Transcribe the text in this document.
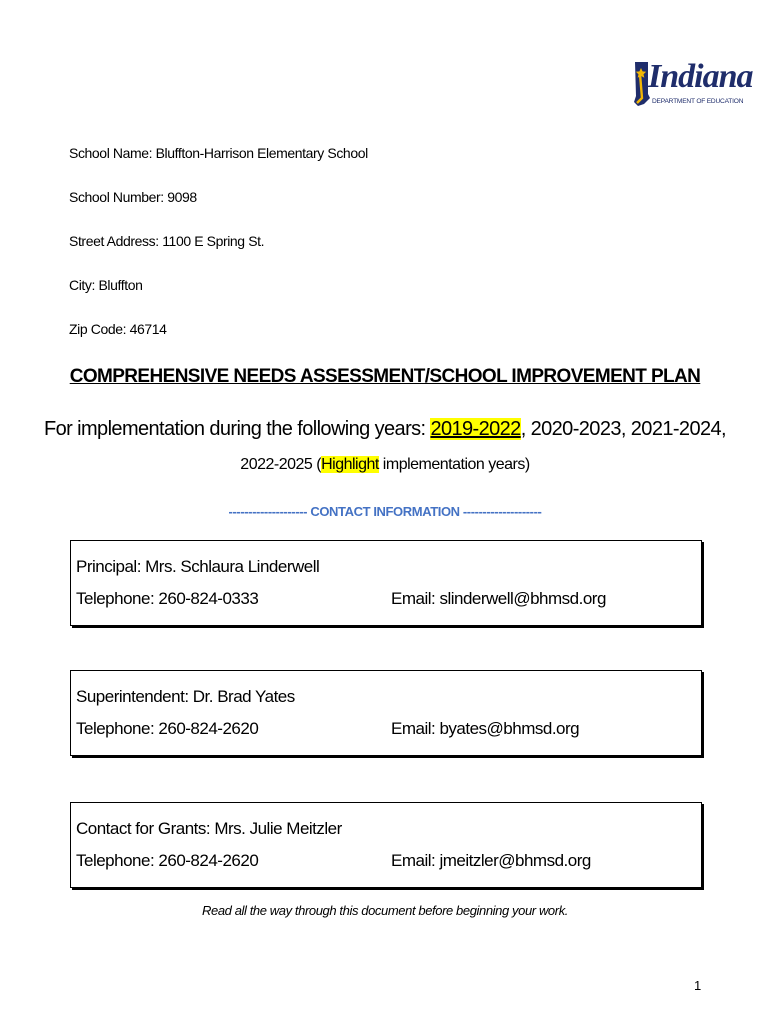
Indiana
DEPARTMENT OF EDUCATION
School Name: Bluffton-Harrison Elementary School
School Number: 9098
Street Address: 1100 E Spring St.
City: Bluffton
Zip Code: 46714
COMPREHENSIVE NEEDS ASSESSMENT/SCHOOL IMPROVEMENT PLAN
For implementation during the following years: 2019-2022, 2020-2023, 2021-2024,
2022-2025 (Highlight implementation years)
-------------------- CONTACT INFORMATION --------------------
Principal: Mrs. Schlaura Linderwell
Telephone: 260-824-0333	Email: slinderwell@bhmsd.org
Superintendent: Dr. Brad Yates
Telephone: 260-824-2620	Email: byates@bhmsd.org
Contact for Grants: Mrs. Julie Meitzler
Telephone: 260-824-2620	Email: jmeitzler@bhmsd.org
Read all the way through this document before beginning your work.
1
